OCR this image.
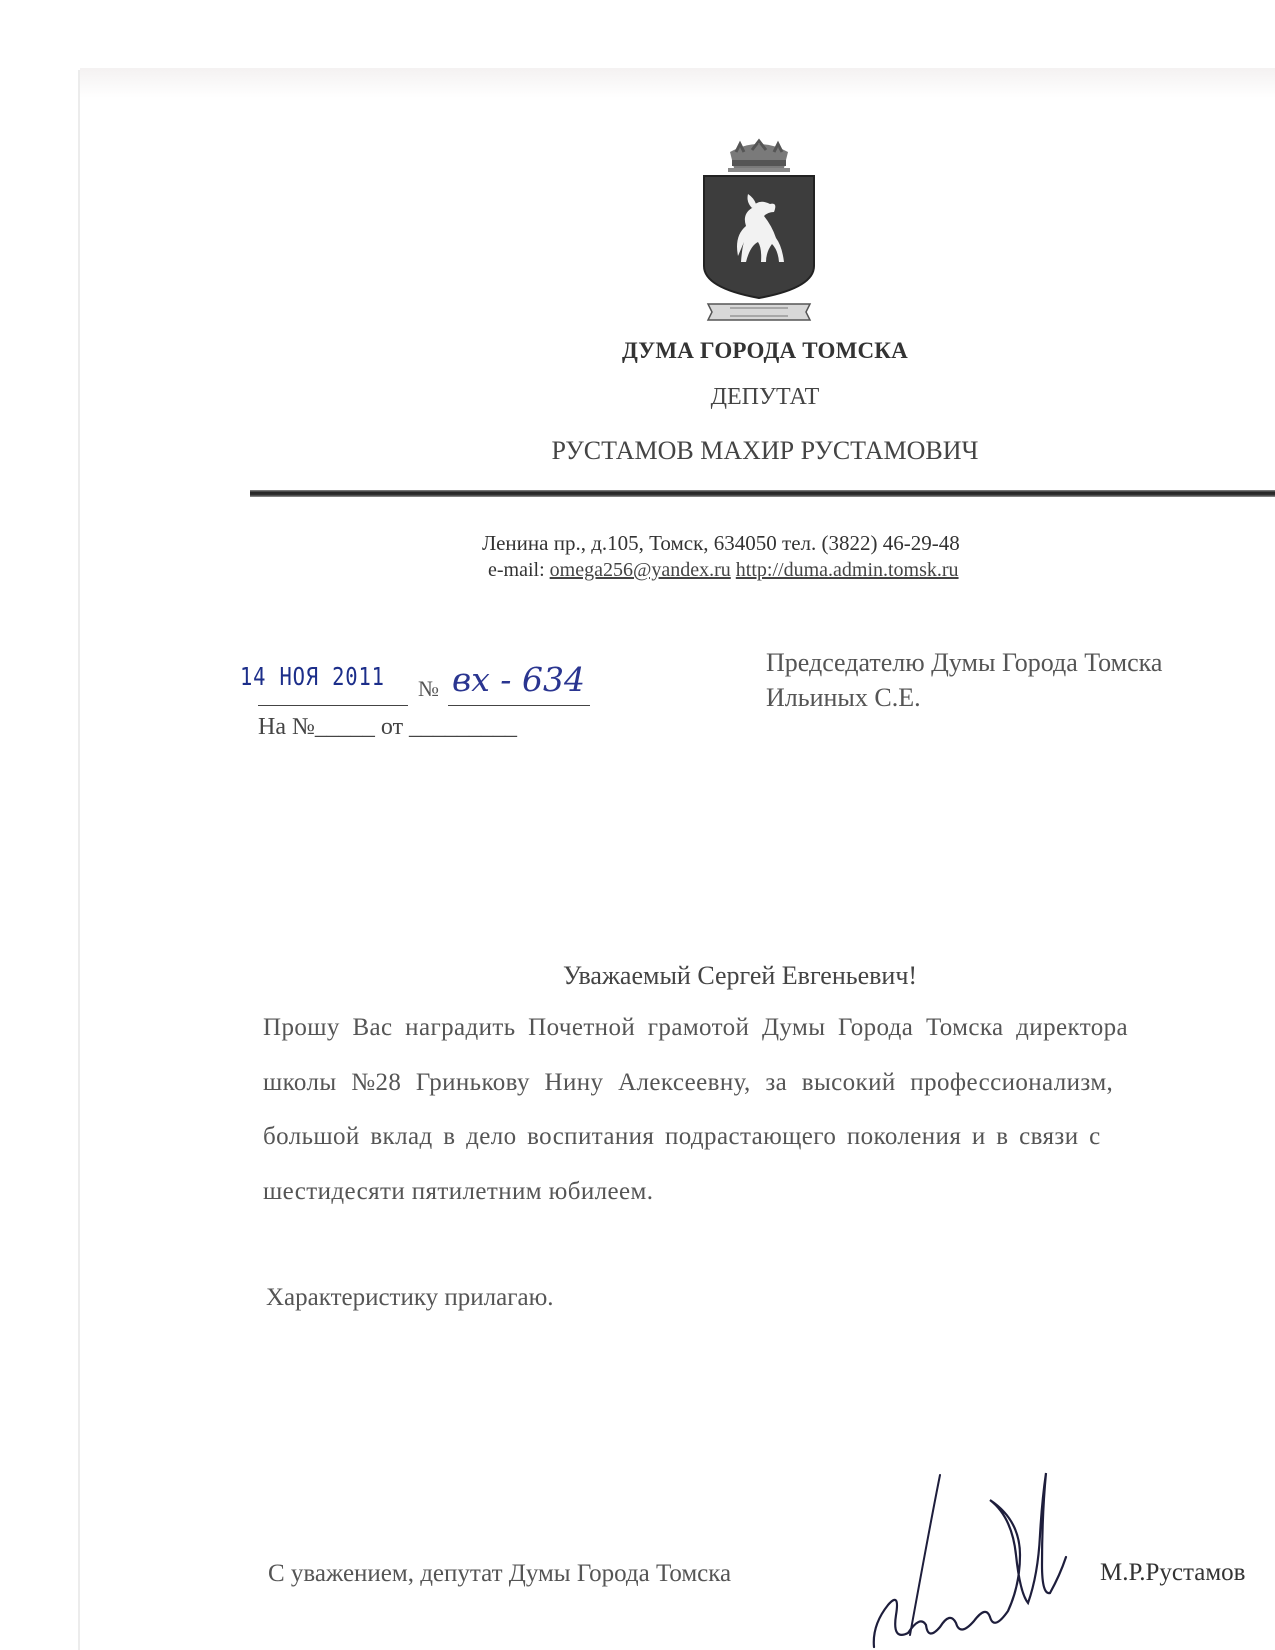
ДУМА ГОРОДА ТОМСКА
ДЕПУТАТ
РУСТАМОВ МАХИР РУСТАМОВИЧ
Ленина пр., д.105, Томск, 634050 тел. (3822) 46-29-48
e-mail: omega256@yandex.ru http://duma.admin.tomsk.ru
14 НОЯ 2011 № вх - 634
На №_____ от _________
Председателю Думы Города Томска
Ильиных С.Е.
Уважаемый Сергей Евгеньевич!
Прошу Вас наградить Почетной грамотой Думы Города Томска директора
школы №28 Гринькову Нину Алексеевну, за высокий профессионализм,
большой вклад в дело воспитания подрастающего поколения и в связи с
шестидесяти пятилетним юбилеем.
Характеристику прилагаю.
С уважением, депутат Думы Города Томска	М.Р.Рустамов
